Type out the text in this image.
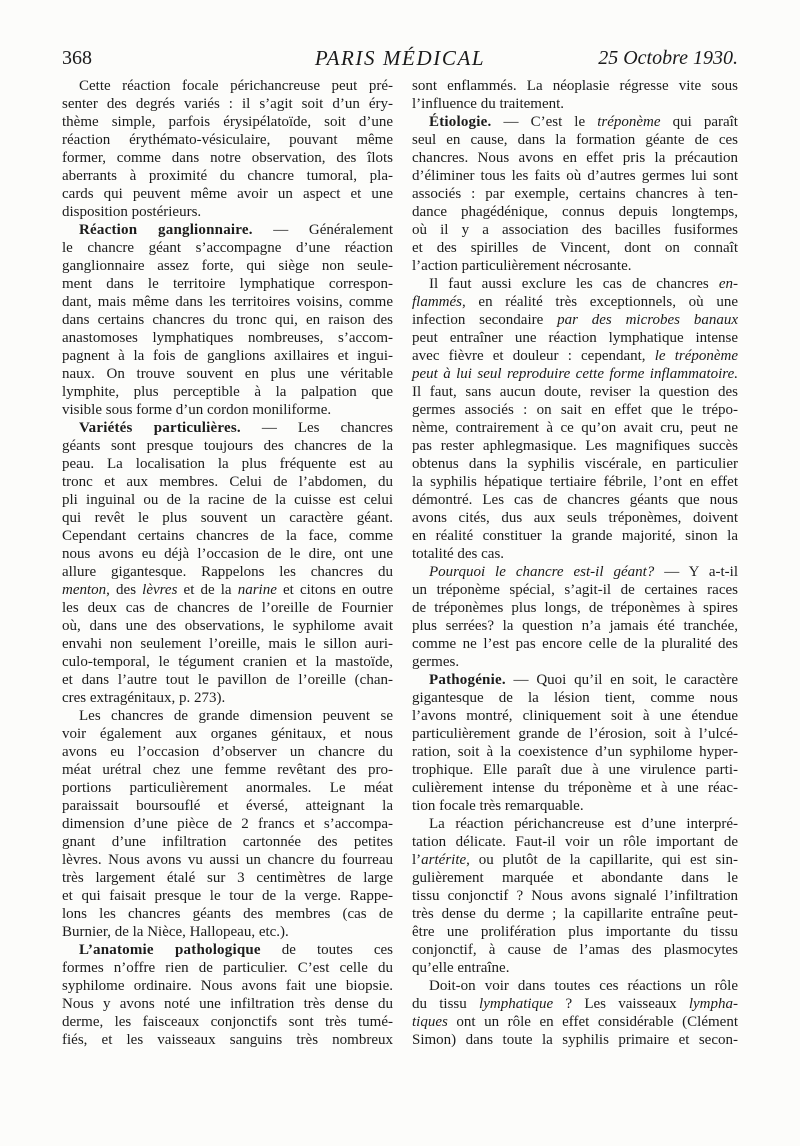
368	PARIS MÉDICAL	25 Octobre 1930.
Cette réaction focale périchancreuse peut pré-
senter des degrés variés : il s’agit soit d’un éry-
thème simple, parfois érysipélatoïde, soit d’une
réaction érythémato-vésiculaire, pouvant même
former, comme dans notre observation, des îlots
aberrants à proximité du chancre tumoral, pla-
cards qui peuvent même avoir un aspect et une
disposition postérieurs.
Réaction ganglionnaire. — Généralement
le chancre géant s’accompagne d’une réaction
ganglionnaire assez forte, qui siège non seule-
ment dans le territoire lymphatique correspon-
dant, mais même dans les territoires voisins, comme
dans certains chancres du tronc qui, en raison des
anastomoses lymphatiques nombreuses, s’accom-
pagnent à la fois de ganglions axillaires et ingui-
naux. On trouve souvent en plus une véritable
lymphite, plus perceptible à la palpation que
visible sous forme d’un cordon moniliforme.
Variétés particulières. — Les chancres
géants sont presque toujours des chancres de la
peau. La localisation la plus fréquente est au
tronc et aux membres. Celui de l’abdomen, du
pli inguinal ou de la racine de la cuisse est celui
qui revêt le plus souvent un caractère géant.
Cependant certains chancres de la face, comme
nous avons eu déjà l’occasion de le dire, ont une
allure gigantesque. Rappelons les chancres du
menton, des lèvres et de la narine et citons en outre
les deux cas de chancres de l’oreille de Fournier
où, dans une des observations, le syphilome avait
envahi non seulement l’oreille, mais le sillon auri-
culo-temporal, le tégument cranien et la mastoïde,
et dans l’autre tout le pavillon de l’oreille (chan-
cres extragénitaux, p. 273).
Les chancres de grande dimension peuvent se
voir également aux organes génitaux, et nous
avons eu l’occasion d’observer un chancre du
méat urétral chez une femme revêtant des pro-
portions particulièrement anormales. Le méat
paraissait boursouflé et éversé, atteignant la
dimension d’une pièce de 2 francs et s’accompa-
gnant d’une infiltration cartonnée des petites
lèvres. Nous avons vu aussi un chancre du fourreau
très largement étalé sur 3 centimètres de large
et qui faisait presque le tour de la verge. Rappe-
lons les chancres géants des membres (cas de
Burnier, de la Nièce, Hallopeau, etc.).
L’anatomie pathologique de toutes ces
formes n’offre rien de particulier. C’est celle du
syphilome ordinaire. Nous avons fait une biopsie.
Nous y avons noté une infiltration très dense du
derme, les faisceaux conjonctifs sont très tumé-
fiés, et les vaisseaux sanguins très nombreux
sont enflammés. La néoplasie régresse vite sous
l’influence du traitement.
Étiologie. — C’est le tréponème qui paraît
seul en cause, dans la formation géante de ces
chancres. Nous avons en effet pris la précaution
d’éliminer tous les faits où d’autres germes lui sont
associés : par exemple, certains chancres à ten-
dance phagédénique, connus depuis longtemps,
où il y a association des bacilles fusiformes
et des spirilles de Vincent, dont on connaît
l’action particulièrement nécrosante.
Il faut aussi exclure les cas de chancres en-
flammés, en réalité très exceptionnels, où une
infection secondaire par des microbes banaux
peut entraîner une réaction lymphatique intense
avec fièvre et douleur : cependant, le tréponème
peut à lui seul reproduire cette forme inflammatoire.
Il faut, sans aucun doute, reviser la question des
germes associés : on sait en effet que le trépo-
nème, contrairement à ce qu’on avait cru, peut ne
pas rester aphlegmasique. Les magnifiques succès
obtenus dans la syphilis viscérale, en particulier
la syphilis hépatique tertiaire fébrile, l’ont en effet
démontré. Les cas de chancres géants que nous
avons cités, dus aux seuls tréponèmes, doivent
en réalité constituer la grande majorité, sinon la
totalité des cas.
Pourquoi le chancre est-il géant? — Y a-t-il
un tréponème spécial, s’agit-il de certaines races
de tréponèmes plus longs, de tréponèmes à spires
plus serrées? la question n’a jamais été tranchée,
comme ne l’est pas encore celle de la pluralité des
germes.
Pathogénie. — Quoi qu’il en soit, le caractère
gigantesque de la lésion tient, comme nous
l’avons montré, cliniquement soit à une étendue
particulièrement grande de l’érosion, soit à l’ulcé-
ration, soit à la coexistence d’un syphilome hyper-
trophique. Elle paraît due à une virulence parti-
culièrement intense du tréponème et à une réac-
tion focale très remarquable.
La réaction périchancreuse est d’une interpré-
tation délicate. Faut-il voir un rôle important de
l’artérite, ou plutôt de la capillarite, qui est sin-
gulièrement marquée et abondante dans le
tissu conjonctif ? Nous avons signalé l’infiltration
très dense du derme ; la capillarite entraîne peut-
être une prolifération plus importante du tissu
conjonctif, à cause de l’amas des plasmocytes
qu’elle entraîne.
Doit-on voir dans toutes ces réactions un rôle
du tissu lymphatique ? Les vaisseaux lympha-
tiques ont un rôle en effet considérable (Clément
Simon) dans toute la syphilis primaire et secon-
